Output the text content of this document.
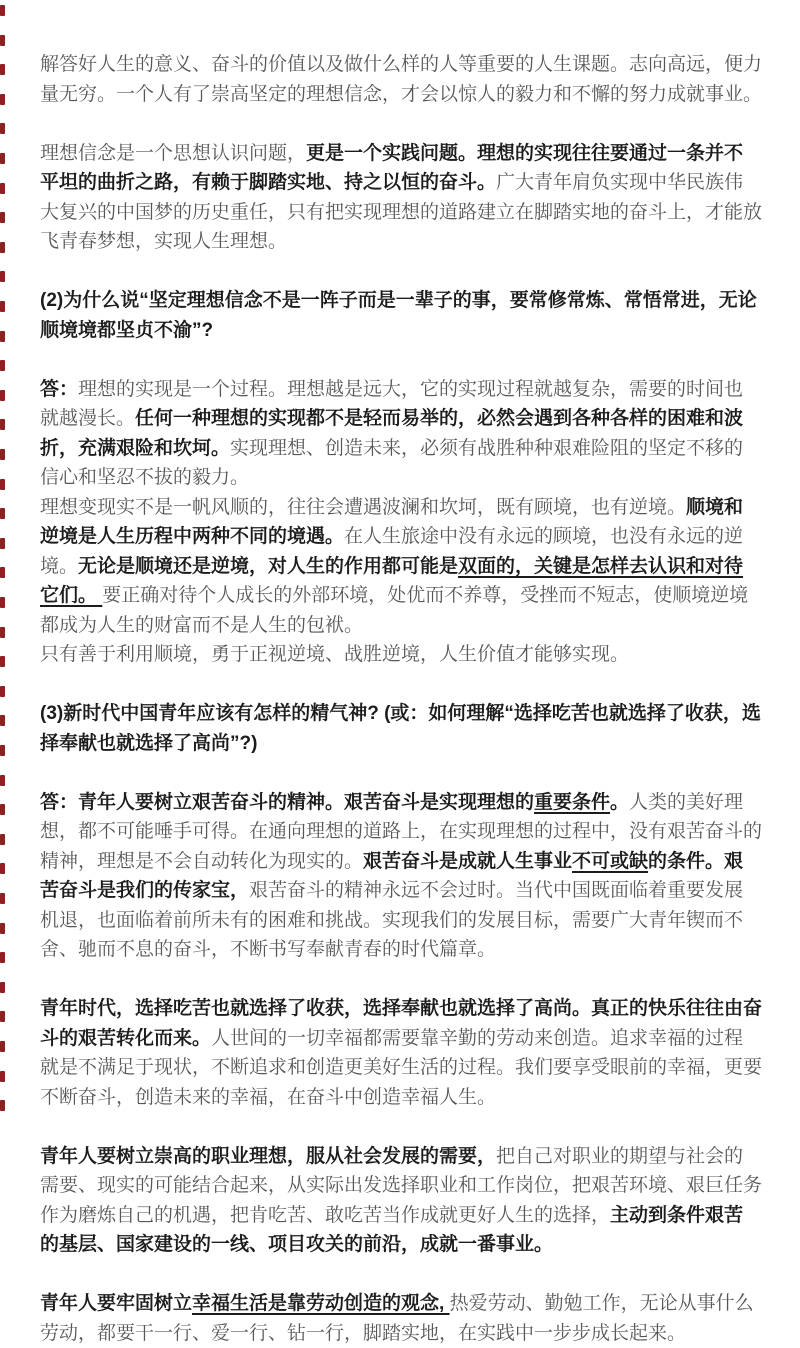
解答好人生的意义、奋斗的价值以及做什么样的人等重要的人生课题。志向高远，便力量无穷。一个人有了崇高坚定的理想信念，才会以惊人的毅力和不懈的努力成就事业。

理想信念是一个思想认识问题，更是一个实践问题。理想的实现往往要通过一条并不平坦的曲折之路，有赖于脚踏实地、持之以恒的奋斗。广大青年肩负实现中华民族伟大复兴的中国梦的历史重任，只有把实现理想的道路建立在脚踏实地的奋斗上，才能放飞青春梦想，实现人生理想。

(2)为什么说“坚定理想信念不是一阵子而是一辈子的事，要常修常炼、常悟常进，无论顺境境都坚贞不渝”?

答：理想的实现是一个过程。理想越是远大，它的实现过程就越复杂，需要的时间也就越漫长。任何一种理想的实现都不是轻而易举的，必然会遇到各种各样的困难和波折，充满艰险和坎坷。实现理想、创造未来，必须有战胜种种艰难险阻的坚定不移的信心和坚忍不拔的毅力。

理想变现实不是一帆风顺的，往往会遭遇波澜和坎坷，既有顾境，也有逆境。顺境和逆境是人生历程中两种不同的境遇。在人生旅途中没有永远的顾境，也没有永远的逆境。无论是顺境还是逆境，对人生的作用都可能是双面的，关键是怎样去认识和对待它们。 要正确对待个人成长的外部环境，处优而不养尊，受挫而不短志，使顺境逆境都成为人生的财富而不是人生的包袱。

只有善于利用顺境，勇于正视逆境、战胜逆境，人生价值才能够实现。

(3)新时代中国青年应该有怎样的精气神? (或：如何理解“选择吃苦也就选择了收获，选择奉献也就选择了高尚”?)

答：青年人要树立艰苦奋斗的精神。艰苦奋斗是实现理想的重要条件。人类的美好理想，都不可能唾手可得。在通向理想的道路上，在实现理想的过程中，没有艰苦奋斗的精神，理想是不会自动转化为现实的。艰苦奋斗是成就人生事业不可或缺的条件。艰苦奋斗是我们的传家宝，艰苦奋斗的精神永远不会过时。当代中国既面临着重要发展机退，也面临着前所未有的困难和挑战。实现我们的发展目标，需要广大青年锲而不舍、驰而不息的奋斗，不断书写奉献青春的时代篇章。

青年时代，选择吃苦也就选择了收获，选择奉献也就选择了高尚。真正的快乐往往由奋斗的艰苦转化而来。人世间的一切幸福都需要靠辛勤的劳动来创造。追求幸福的过程就是不满足于现状，不断追求和创造更美好生活的过程。我们要享受眼前的幸福，更要不断奋斗，创造未来的幸福，在奋斗中创造幸福人生。

青年人要树立崇高的职业理想，服从社会发展的需要，把自己对职业的期望与社会的需要、现实的可能结合起来，从实际出发选择职业和工作岗位，把艰苦环境、艰巨任务作为磨炼自己的机遇，把肯吃苦、敢吃苦当作成就更好人生的选择，主动到条件艰苦的基层、国家建设的一线、项目攻关的前沿，成就一番事业。

青年人要牢固树立幸福生活是靠劳动创造的观念, 热爱劳动、勤勉工作，无论从事什么劳动，都要干一行、爱一行、钻一行，脚踏实地，在实践中一步步成长起来。
